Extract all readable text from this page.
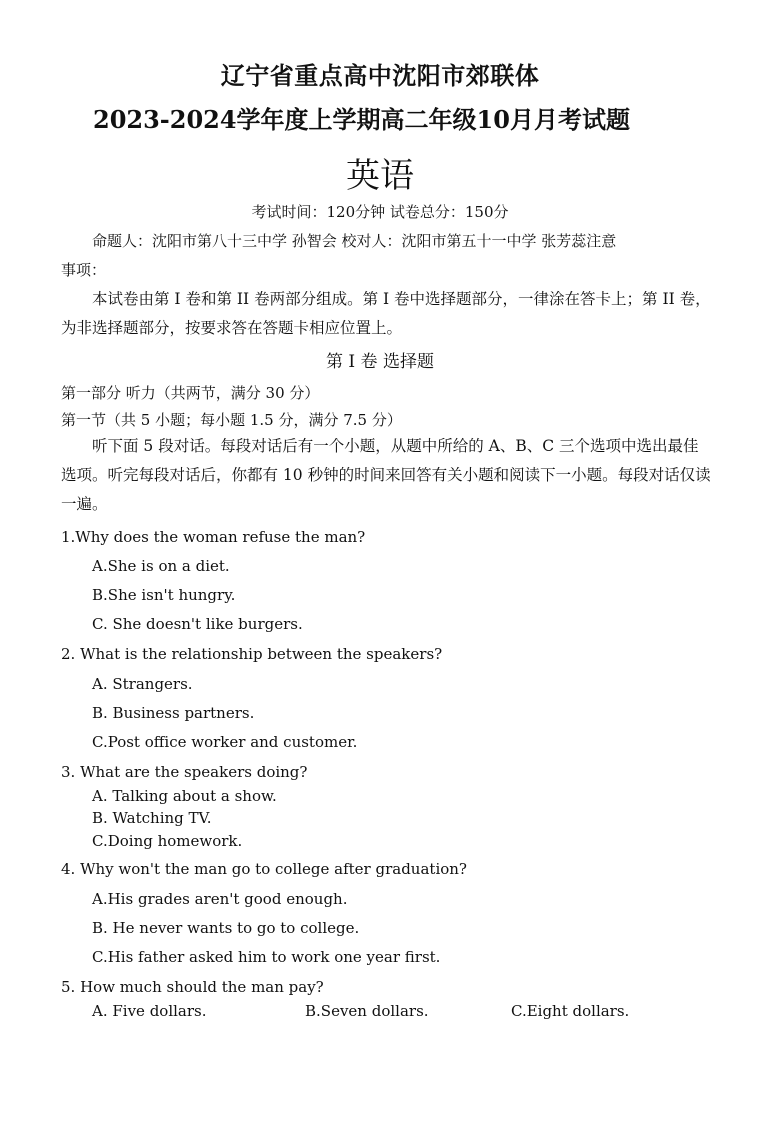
辽宁省重点高中沈阳市郊联体
2023-2024学年度上学期高二年级10月月考试题
英语
考试时间：120分钟 试卷总分：150分
命题人：沈阳市第八十三中学 孙智会 校对人：沈阳市第五十一中学 张芳蕊注意
事项：
本试卷由第 I 卷和第 II 卷两部分组成。第 I 卷中选择题部分，一律涂在答卡上；第 II 卷，为非选择题部分，按要求答在答题卡相应位置上。
第 I 卷 选择题
第一部分 听力（共两节，满分 30 分）
第一节（共 5 小题；每小题 1.5 分，满分 7.5 分）
听下面 5 段对话。每段对话后有一个小题，从题中所给的 A、B、C 三个选项中选出最佳选项。听完每段对话后，你都有 10 秒钟的时间来回答有关小题和阅读下一小题。每段对话仅读一遍。
1.Why does the woman refuse the man?
A.She is on a diet.
B.She isn't hungry.
C. She doesn't like burgers.
2. What is the relationship between the speakers?
A. Strangers.
B. Business partners.
C.Post office worker and customer.
3. What are the speakers doing?
A. Talking about a show.
B. Watching TV.
C.Doing homework.
4. Why won't the man go to college after graduation?
A.His grades aren't good enough.
B. He never wants to go to college.
C.His father asked him to work one year first.
5. How much should the man pay?
A. Five dollars.	B.Seven dollars.	C.Eight dollars.
